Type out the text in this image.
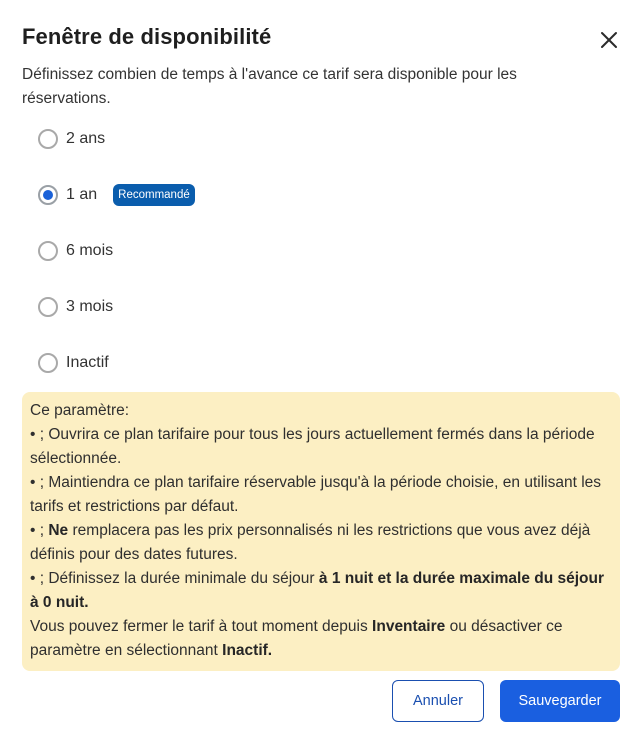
Fenêtre de disponibilité

Définissez combien de temps à l'avance ce tarif sera disponible pour les réservations.

2 ans
1 an	Recommandé
6 mois
3 mois
Inactif

Ce paramètre:

• ; Ouvrira ce plan tarifaire pour tous les jours actuellement fermés dans la période sélectionnée.

• ; Maintiendra ce plan tarifaire réservable jusqu'à la période choisie, en utilisant les tarifs et restrictions par défaut.

• ; Ne remplacera pas les prix personnalisés ni les restrictions que vous avez déjà définis pour des dates futures.

• ; Définissez la durée minimale du séjour à 1 nuit et la durée maximale du séjour à 0 nuit.

Vous pouvez fermer le tarif à tout moment depuis Inventaire ou désactiver ce paramètre en sélectionnant Inactif.

Annuler	Sauvegarder
